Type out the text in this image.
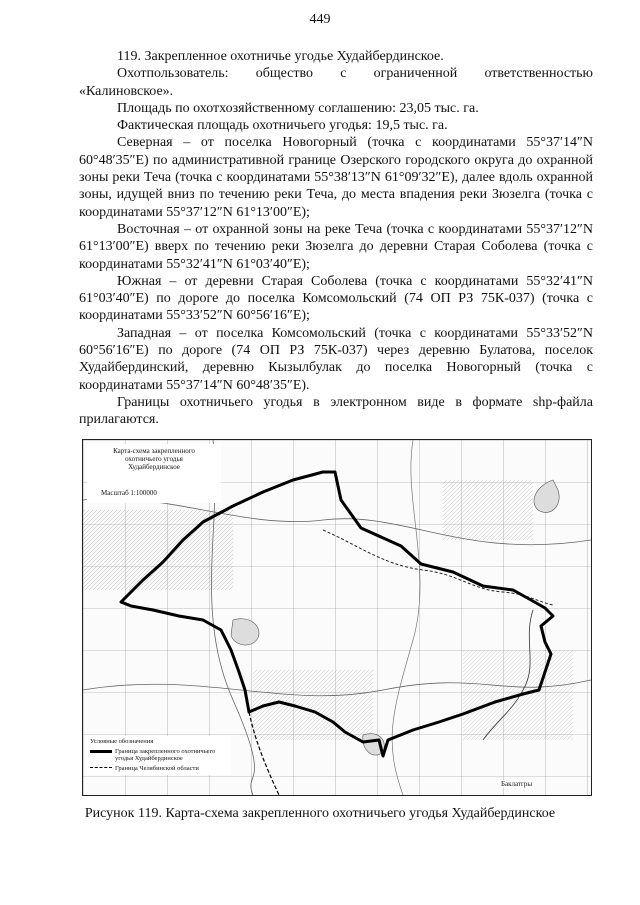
449

119. Закрепленное охотничье угодье Худайбердинское.

Охотпользователь: общество с ограниченной ответственностью «Калиновское».

Площадь по охотхозяйственному соглашению: 23,05 тыс. га.

Фактическая площадь охотничьего угодья: 19,5 тыс. га.

Северная – от поселка Новогорный (точка с координатами 55°37′14″N 60°48′35″E) по административной границе Озерского городского округа до охранной зоны реки Теча (точка с координатами 55°38′13″N 61°09′32″E), далее вдоль охранной зоны, идущей вниз по течению реки Теча, до места впадения реки Зюзелга (точка с координатами 55°37′12″N 61°13′00″E);

Восточная – от охранной зоны на реке Теча (точка с координатами 55°37′12″N 61°13′00″E) вверх по течению реки Зюзелга до деревни Старая Соболева (точка с координатами 55°32′41″N 61°03′40″E);

Южная – от деревни Старая Соболева (точка с координатами 55°32′41″N 61°03′40″E) по дороге до поселка Комсомольский (74 ОП РЗ 75К-037) (точка с координатами 55°33′52″N 60°56′16″E);

Западная – от поселка Комсомольский (точка с координатами 55°33′52″N 60°56′16″E) по дороге (74 ОП РЗ 75К-037) через деревню Булатова, поселок Худайбердинский, деревню Кызылбулак до поселка Новогорный (точка с координатами 55°37′14″N 60°48′35″E).

Границы охотничьего угодья в электронном виде в формате shp-файла прилагаются.

Карта-схема закрепленного
охотничьего угодья
Худайбердинское
Масштаб 1:100000
Условные обозначения
Граница закрепленного охотничьего угодья Худайбердинское
Граница Челябинской области
Баклатгры
Рисунок 119. Карта-схема закрепленного охотничьего угодья Худайбердинское
